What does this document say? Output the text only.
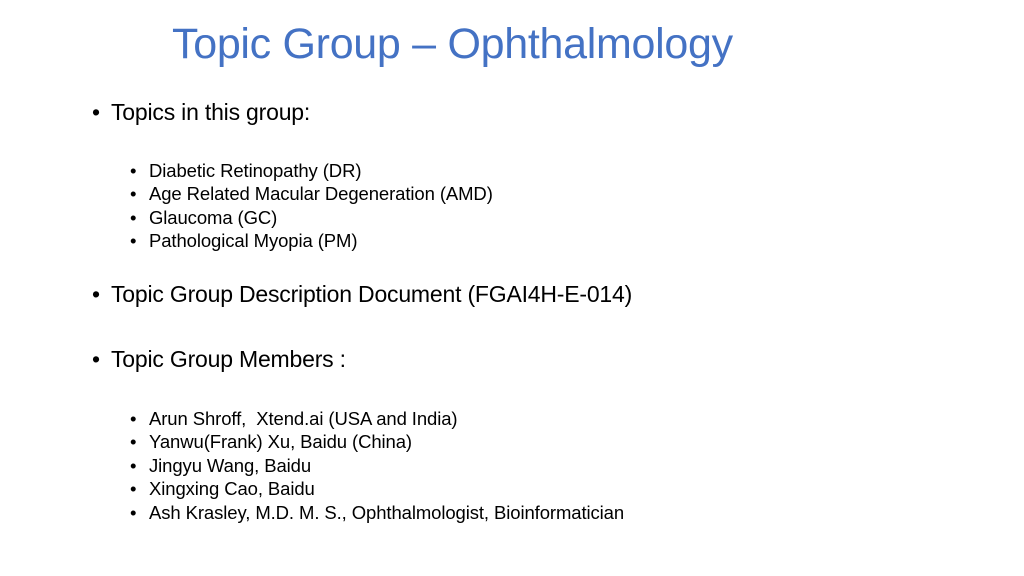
Topic Group – Ophthalmology
• Topics in this group:
• Diabetic Retinopathy (DR)
• Age Related Macular Degeneration (AMD)
• Glaucoma (GC)
• Pathological Myopia (PM)
• Topic Group Description Document (FGAI4H-E-014)
• Topic Group Members :
• Arun Shroff,  Xtend.ai (USA and India)
• Yanwu(Frank) Xu, Baidu (China)
• Jingyu Wang, Baidu
• Xingxing Cao, Baidu
• Ash Krasley, M.D. M. S., Ophthalmologist, Bioinformatician
